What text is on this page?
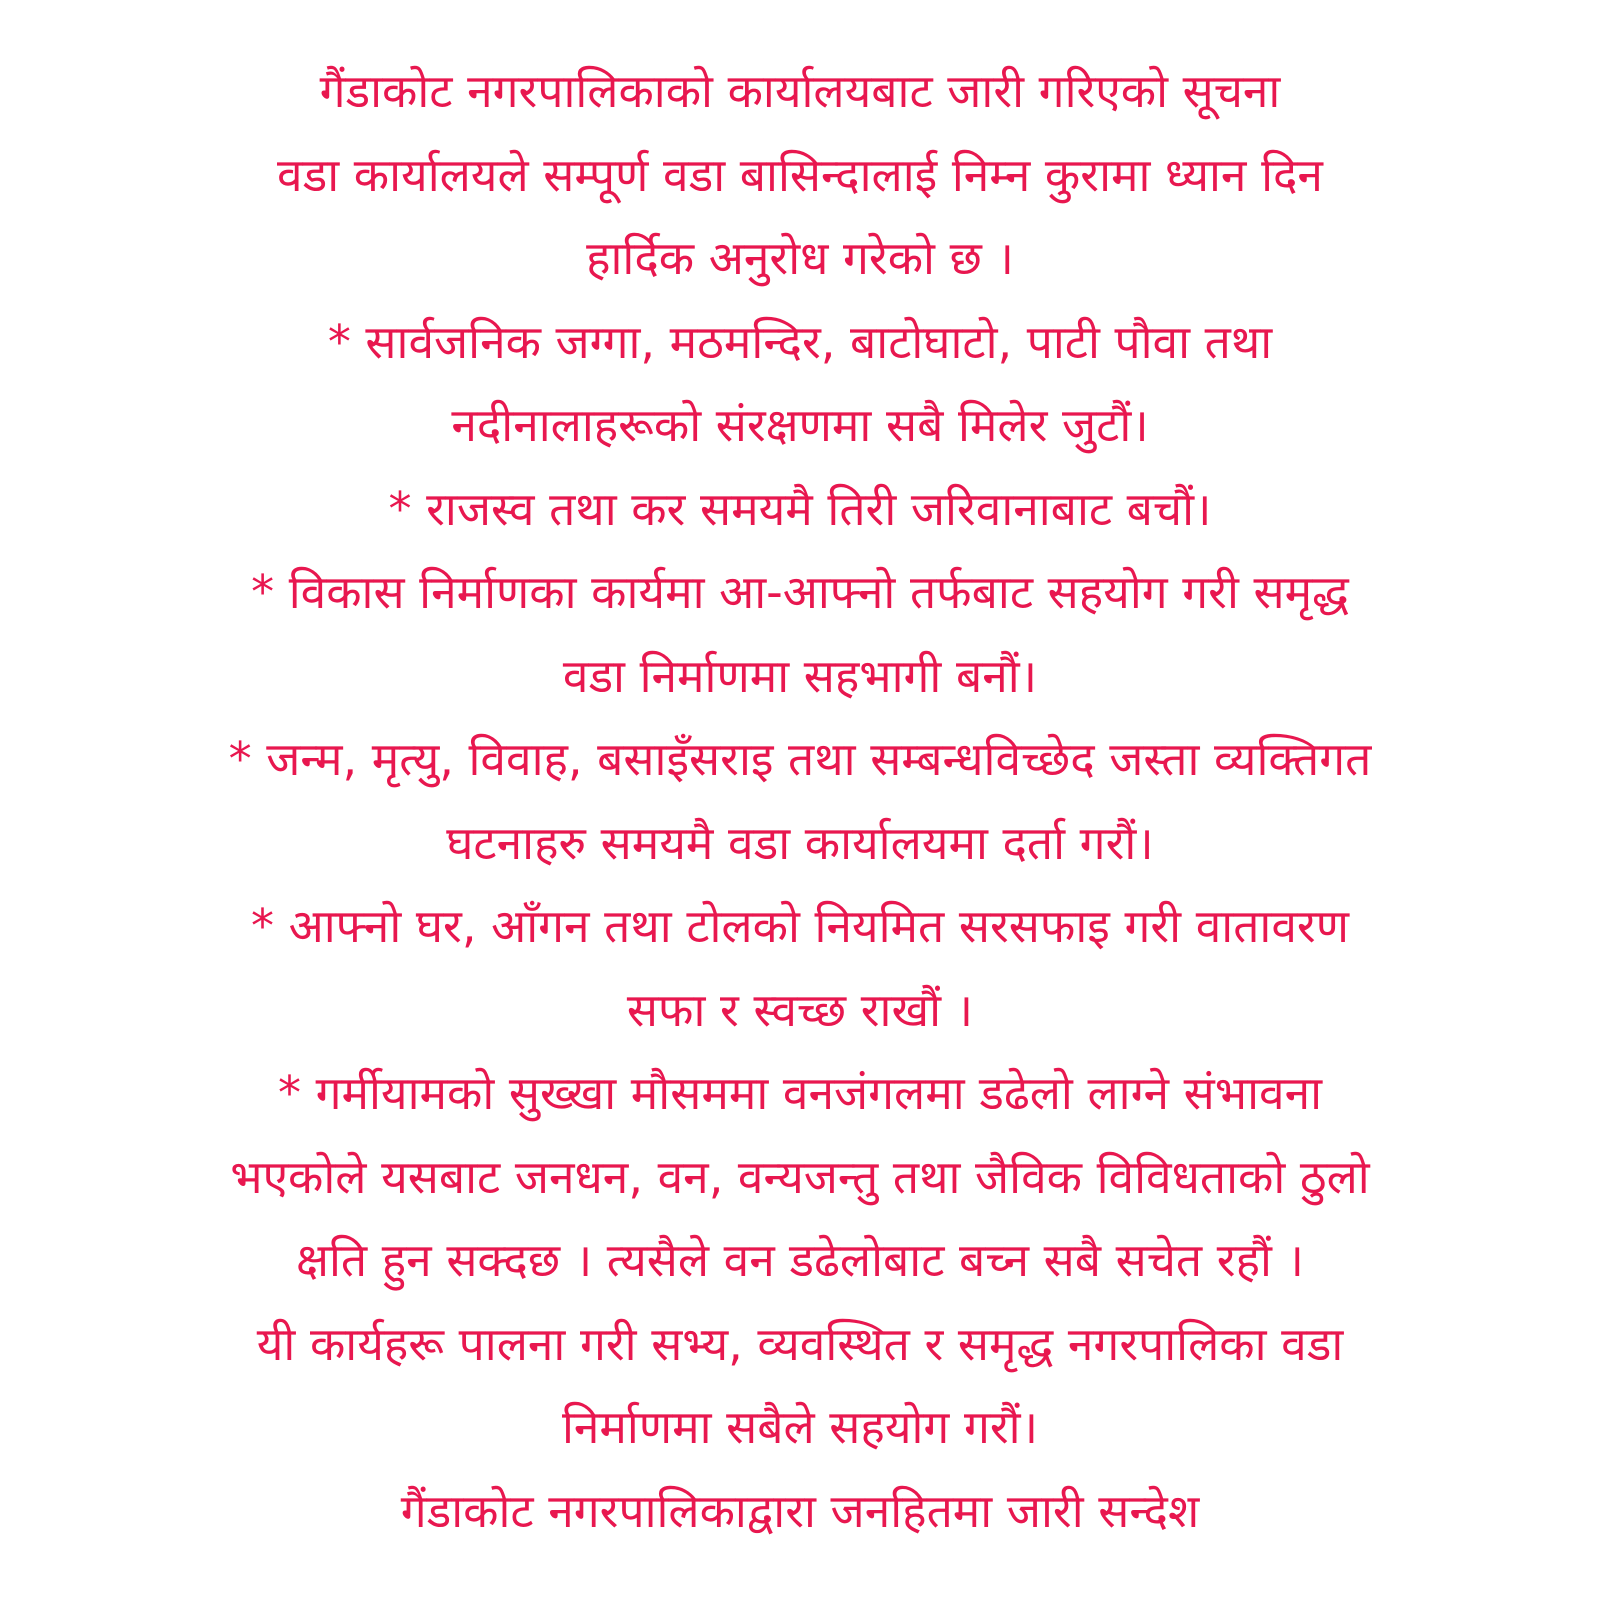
गैंडाकोट नगरपालिकाको कार्यालयबाट जारी गरिएको सूचना
वडा कार्यालयले सम्पूर्ण वडा बासिन्दालाई निम्न कुरामा ध्यान दिन
हार्दिक अनुरोध गरेको छ ।
* सार्वजनिक जग्गा, मठमन्दिर, बाटोघाटो, पाटी पौवा तथा
नदीनालाहरूको संरक्षणमा सबै मिलेर जुटौं।
* राजस्व तथा कर समयमै तिरी जरिवानाबाट बचौं।
* विकास निर्माणका कार्यमा आ-आफ्नो तर्फबाट सहयोग गरी समृद्ध
वडा निर्माणमा सहभागी बनौं।
* जन्म, मृत्यु, विवाह, बसाइँसराइ तथा सम्बन्धविच्छेद जस्ता व्यक्तिगत
घटनाहरु समयमै वडा कार्यालयमा दर्ता गरौं।
* आफ्नो घर, आँगन तथा टोलको नियमित सरसफाइ गरी वातावरण
सफा र स्वच्छ राखौं ।
* गर्मीयामको सुख्खा मौसममा वनजंगलमा डढेलो लाग्ने संभावना
भएकोले यसबाट जनधन, वन, वन्यजन्तु तथा जैविक विविधताको ठुलो
क्षति हुन सक्दछ । त्यसैले वन डढेलोबाट बच्न सबै सचेत रहौं ।
यी कार्यहरू पालना गरी सभ्य, व्यवस्थित र समृद्ध नगरपालिका वडा
निर्माणमा सबैले सहयोग गरौं।
गैंडाकोट नगरपालिकाद्वारा जनहितमा जारी सन्देश
